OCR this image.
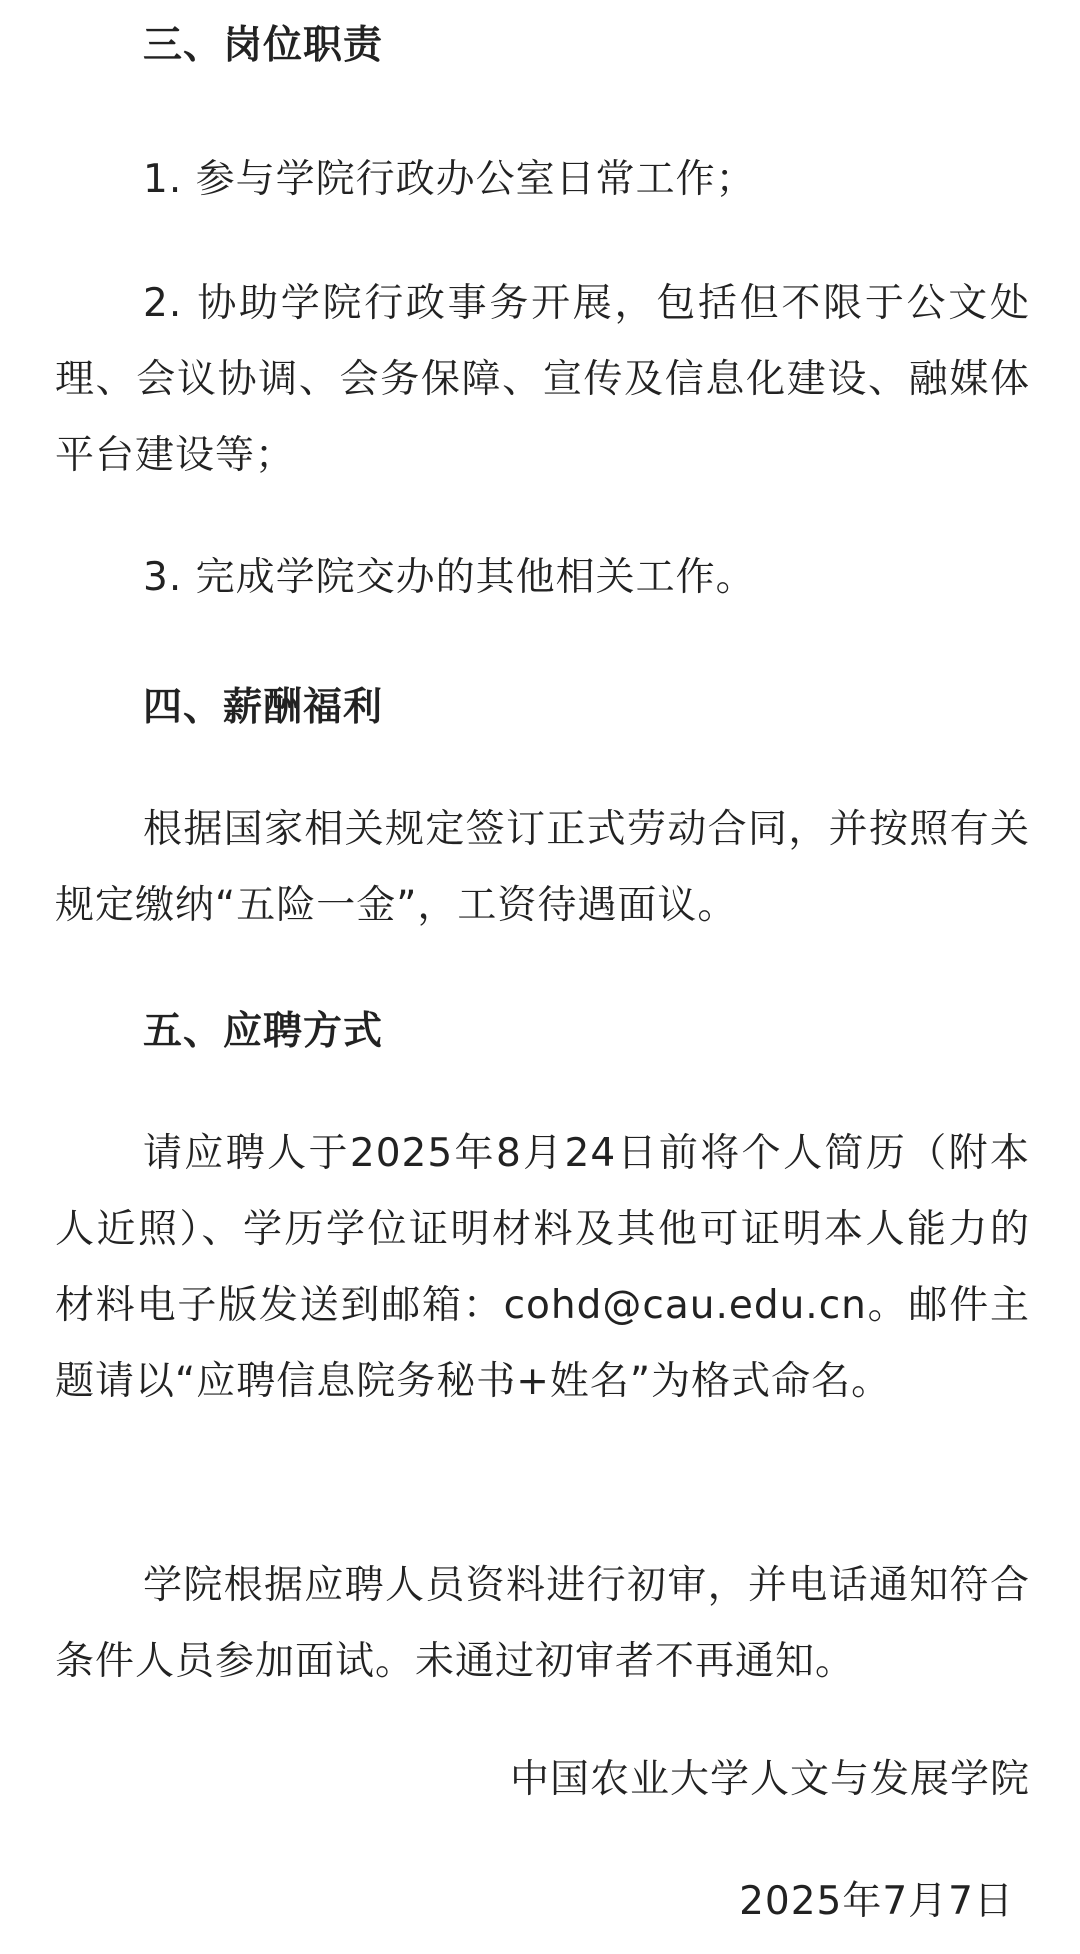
三、岗位职责
1. 参与学院行政办公室日常工作；
2. 协助学院行政事务开展，包括但不限于公文处理、会议协调、会务保障、宣传及信息化建设、融媒体平台建设等；
3. 完成学院交办的其他相关工作。
四、薪酬福利
根据国家相关规定签订正式劳动合同，并按照有关规定缴纳“五险一金”，工资待遇面议。
五、应聘方式
请应聘人于2025年8月24日前将个人简历（附本人近照）、学历学位证明材料及其他可证明本人能力的材料电子版发送到邮箱：cohd@cau.edu.cn。邮件主题请以“应聘信息院务秘书+姓名”为格式命名。
学院根据应聘人员资料进行初审，并电话通知符合条件人员参加面试。未通过初审者不再通知。
中国农业大学人文与发展学院
2025年7月7日
